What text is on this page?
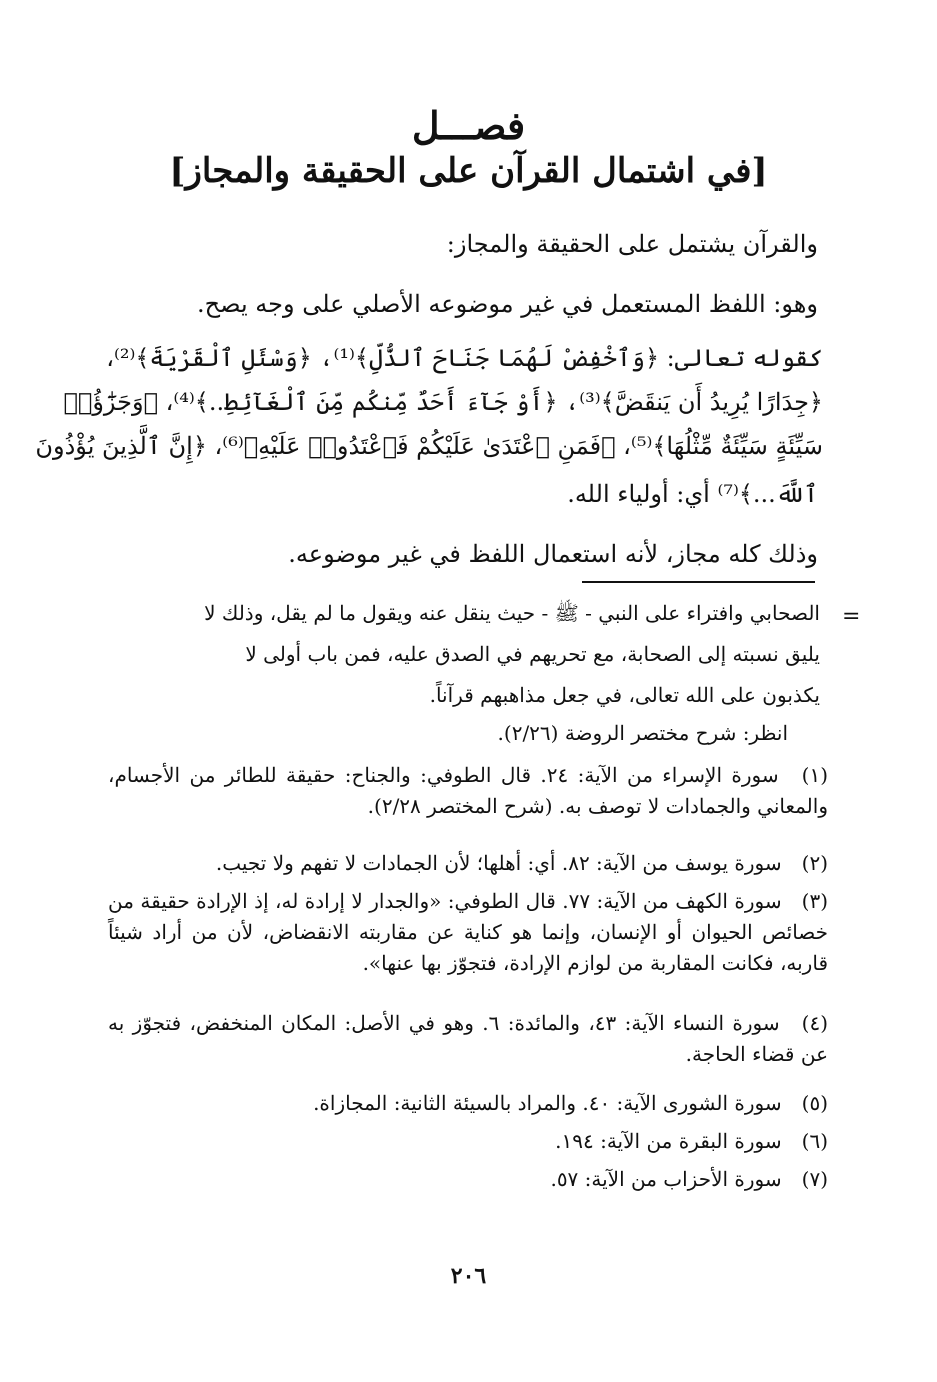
فصـــل
[في اشتمال القرآن على الحقيقة والمجاز]
والقرآن يشتمل على الحقيقة والمجاز:
وهو: اللفظ المستعمل في غير موضوعه الأصلي على وجه يصح.
كقوله تعالى: ﴿وَٱخْفِضْ لَهُمَا جَنَاحَ ٱلذُّلِّ﴾⁽¹⁾، ﴿وَسْئَلِ ٱلْقَرْيَةَ﴾⁽²⁾،
﴿جِدَارًا يُرِيدُ أَن يَنقَضَّ﴾⁽³⁾، ﴿أَوْ جَآءَ أَحَدٌ مِّنكُم مِّنَ ٱلْغَآئِطِ..﴾⁽⁴⁾، ﴿وَجَزَٰٓؤُا۟
سَيِّئَةٍ سَيِّئَةٌ مِّثْلُهَا﴾⁽⁵⁾، ﴿فَمَنِ ٱعْتَدَىٰ عَلَيْكُمْ فَٱعْتَدُوا۟ عَلَيْهِ﴾⁽⁶⁾، ﴿إِنَّ ٱلَّذِينَ يُؤْذُونَ
ٱللَّهَ...﴾⁽⁷⁾ أي: أولياء الله.
وذلك كله مجاز، لأنه استعمال اللفظ في غير موضوعه.
=
الصحابي وافتراء على النبي - ﷺ - حيث ينقل عنه ويقول ما لم يقل، وذلك لا
يليق نسبته إلى الصحابة، مع تحريهم في الصدق عليه، فمن باب أولى لا
يكذبون على الله تعالى، في جعل مذاهبهم قرآناً.
انظر: شرح مختصر الروضة (٢/٢٦).
(١) سورة الإسراء من الآية: ٢٤. قال الطوفي: والجناح: حقيقة للطائر من الأجسام، والمعاني والجمادات لا توصف به. (شرح المختصر ٢/٢٨).
(٢) سورة يوسف من الآية: ٨٢. أي: أهلها؛ لأن الجمادات لا تفهم ولا تجيب.
(٣) سورة الكهف من الآية: ٧٧. قال الطوفي: «والجدار لا إرادة له، إذ الإرادة حقيقة من خصائص الحيوان أو الإنسان، وإنما هو كناية عن مقاربته الانقضاض، لأن من أراد شيئاً قاربه، فكانت المقاربة من لوازم الإرادة، فتجوّز بها عنها».
(٤) سورة النساء الآية: ٤٣، والمائدة: ٦. وهو في الأصل: المكان المنخفض، فتجوّز به عن قضاء الحاجة.
(٥) سورة الشورى الآية: ٤٠. والمراد بالسيئة الثانية: المجازاة.
(٦) سورة البقرة من الآية: ١٩٤.
(٧) سورة الأحزاب من الآية: ٥٧.
٢٠٦
